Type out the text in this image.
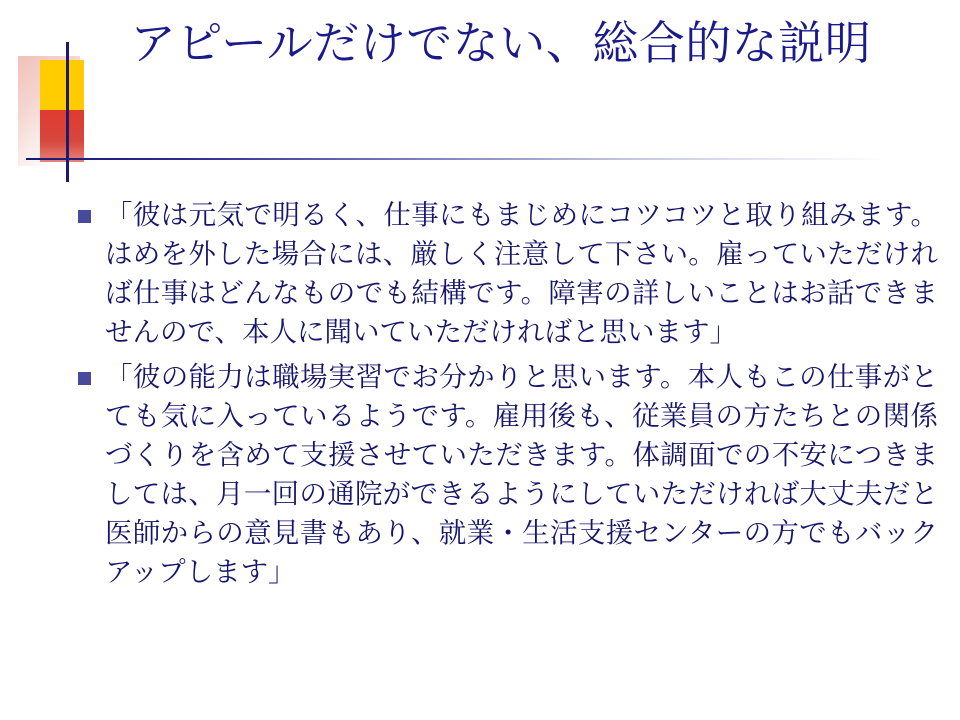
アピールだけでない、総合的な説明
「彼は元気で明るく、仕事にもまじめにコツコツと取り組みます。はめを外した場合には、厳しく注意して下さい。雇っていただければ仕事はどんなものでも結構です。障害の詳しいことはお話できませんので、本人に聞いていただければと思います」
「彼の能力は職場実習でお分かりと思います。本人もこの仕事がとても気に入っているようです。雇用後も、従業員の方たちとの関係づくりを含めて支援させていただきます。体調面での不安につきましては、月一回の通院ができるようにしていただければ大丈夫だと医師からの意見書もあり、就業・生活支援センターの方でもバックアップします」
